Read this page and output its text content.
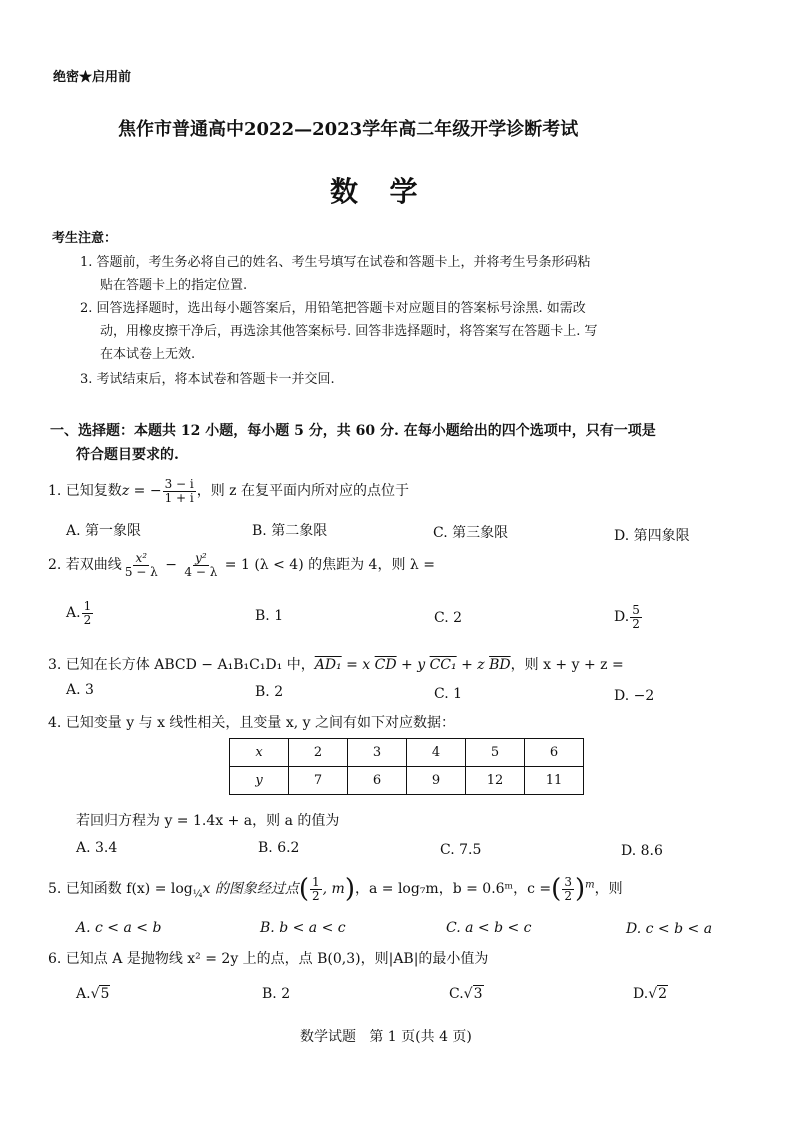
绝密★启用前
焦作市普通高中2022—2023学年高二年级开学诊断考试
数  学
考生注意：
1. 答题前，考生务必将自己的姓名、考生号填写在试卷和答题卡上，并将考生号条形码粘
贴在答题卡上的指定位置.
2. 回答选择题时，选出每小题答案后，用铅笔把答题卡对应题目的答案标号涂黑. 如需改
动，用橡皮擦干净后，再选涂其他答案标号. 回答非选择题时，将答案写在答题卡上. 写
在本试卷上无效.
3. 考试结束后，将本试卷和答题卡一并交回.
一、选择题：本题共 12 小题，每小题 5 分，共 60 分. 在每小题给出的四个选项中，只有一项是
符合题目要求的.
1. 已知复数z = − $\frac{3 - i}{1 + i}$ ，则 z 在复平面内所对应的点位于
A. 第一象限	B. 第二象限	C. 第三象限	D. 第四象限
2. 若双曲线 $\frac{\text{x²}}{5 - \lambda} - \frac{\text{y²}}{4 - \lambda} = 1$ (λ < 4) 的焦距为 4，则 λ =
A. $\frac{1}{2}$	B. 1	C. 2	D. $\frac{5}{2}$
3. 已知在长方体 ABCD − A₁B₁C₁D₁ 中，AD₁ = x $\overline{CD} + y$ CC₁ + z $\overline{BD}$，则 x + y + z =
A. 3	B. 2	C. 1	D. −2
4. 已知变量 y 与 x 线性相关，且变量 x, y 之间有如下对应数据：
x	2	3	4	5	6
y	7	6	9	12	11
若回归方程为 y = 1.4x + a，则 a 的值为
A. 3.4	B. 6.2	C. 7.5	D. 8.6
5. 已知函数 $f(x) = \log_{\frac{1}{4}}x$ 的图象经过点( $\frac{1}{2}$ , m)，a = log₇m，b = 0.6ᵐ，c =( $\frac{3}{2} )^m$，则
A. c < a < b	B. b < a < c	C. a < b < c	D. c < b < a
6. 已知点 A 是抛物线 x² = 2y 上的点，点 B(0,3)，则|AB|的最小值为
A.√5	B. 2	C.√3	D.√2
数学试题   第 1 页(共 4 页)
